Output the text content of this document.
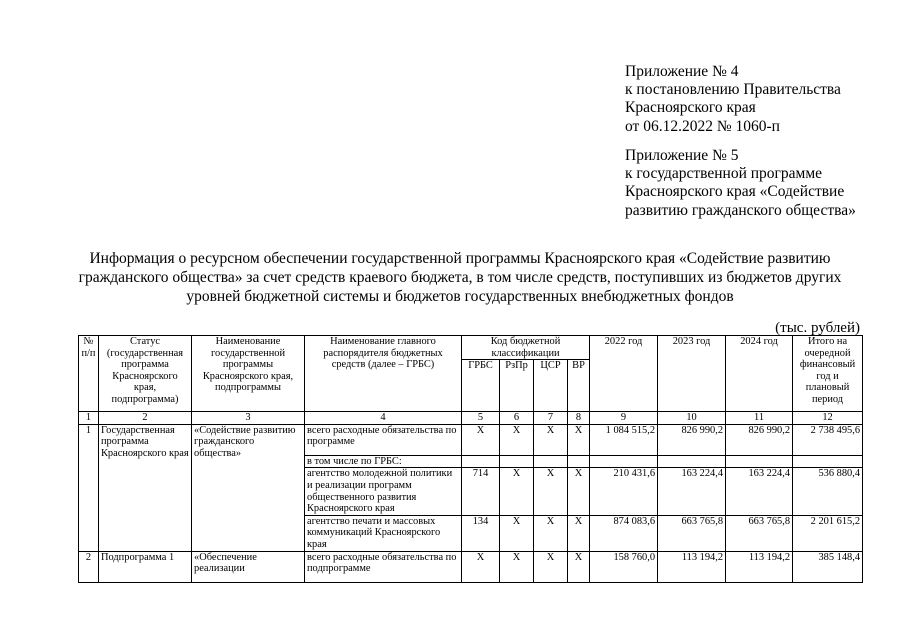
Приложение № 4
к постановлению Правительства
Красноярского края
от 06.12.2022 № 1060-п
Приложение № 5
к государственной программе
Красноярского края «Содействие
развитию гражданского общества»
Информация о ресурсном обеспечении государственной программы Красноярского края «Содействие развитию
гражданского общества» за счет средств краевого бюджета, в том числе средств, поступивших из бюджетов других
уровней бюджетной системы и бюджетов государственных внебюджетных фондов
(тыс. рублей)
№ п/п	Статус (государственная программа Красноярского края, подпрограмма)	Наименование государственной программы Красноярского края, подпрограммы	Наименование главного распорядителя бюджетных средств (далее – ГРБС)	Код бюджетной классификации				2022 год	2023 год	2024 год	Итого на очередной финансовый год и плановый период
				ГРБС	РзПр	ЦСР	ВР				
1	2	3	4	5	6	7	8	9	10	11	12
1	Государственная программа Красноярского края	«Содействие развитию гражданского общества»	всего расходные обязательства по программе	Х	Х	Х	Х	1 084 515,2	826 990,2	826 990,2	2 738 495,6
			в том числе по ГРБС:								
			агентство молодежной политики и реализации программ общественного развития Красноярского края	714	Х	Х	Х	210 431,6	163 224,4	163 224,4	536 880,4
			агентство печати и массовых коммуникаций Красноярского края	134	Х	Х	Х	874 083,6	663 765,8	663 765,8	2 201 615,2
2	Подпрограмма 1	«Обеспечение реализации	всего расходные обязательства по подпрограмме	Х	Х	Х	Х	158 760,0	113 194,2	113 194,2	385 148,4
